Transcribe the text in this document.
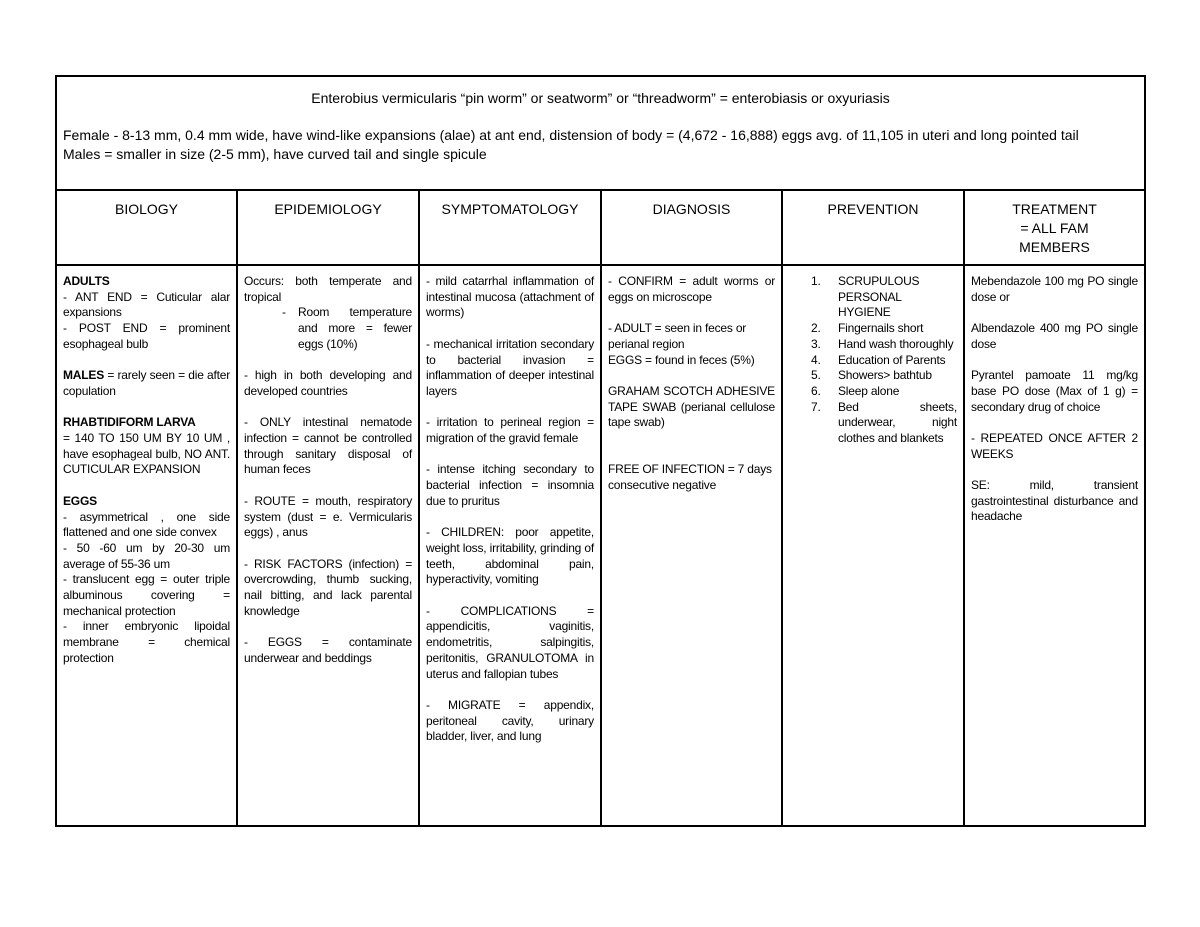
Enterobius vermicularis “pin worm” or seatworm” or “threadworm” = enterobiasis or oxyuriasis
Female - 8-13 mm, 0.4 mm wide, have wind-like expansions (alae) at ant end, distension of body = (4,672 - 16,888) eggs avg. of 11,105 in uteri and long pointed tail
Males = smaller in size (2-5 mm), have curved tail and single spicule
BIOLOGY

ADULTS
- ANT END = Cuticular alar expansions
- POST END = prominent esophageal bulb

MALES = rarely seen = die after copulation

RHABTIDIFORM LARVA
= 140 TO 150 UM BY 10 UM , have esophageal bulb, NO ANT. CUTICULAR EXPANSION

EGGS
- asymmetrical , one side flattened and one side convex
- 50 -60 um by 20-30 um average of 55-36 um
- translucent egg = outer triple albuminous covering = mechanical protection
- inner embryonic lipoidal membrane = chemical protection

EPIDEMIOLOGY
Occurs: both temperate and tropical
- Room temperature and more = fewer eggs (10%)

- high in both developing and developed countries

- ONLY intestinal nematode infection = cannot be controlled through sanitary disposal of human feces

- ROUTE = mouth, respiratory system (dust = e. Vermicularis eggs) , anus

- RISK FACTORS (infection) = overcrowding, thumb sucking, nail bitting, and lack parental knowledge

- EGGS = contaminate underwear and beddings

SYMPTOMATOLOGY

- mild catarrhal inflammation of intestinal mucosa (attachment of worms)

- mechanical irritation secondary to bacterial invasion = inflammation of deeper intestinal layers

- irritation to perineal region = migration of the gravid female

- intense itching secondary to bacterial infection = insomnia due to pruritus

- CHILDREN: poor appetite, weight loss, irritability, grinding of teeth, abdominal pain, hyperactivity, vomiting

- COMPLICATIONS = appendicitis, vaginitis, endometritis, salpingitis, peritonitis, GRANULOTOMA in uterus and fallopian tubes

- MIGRATE = appendix, peritoneal cavity, urinary bladder, liver, and lung

DIAGNOSIS

- CONFIRM = adult worms or eggs on microscope

- ADULT = seen in feces or perianal region

EGGS = found in feces (5%)

GRAHAM SCOTCH ADHESIVE TAPE SWAB (perianal cellulose tape swab)

FREE OF INFECTION = 7 days consecutive negative

PREVENTION
1. SCRUPULOUS PERSONAL HYGIENE
2. Fingernails short
3. Hand wash thoroughly
4. Education of Parents
5. Showers> bathtub
6. Sleep alone
7. Bed sheets, underwear, night clothes and blankets
TREATMENT
= ALL FAM
MEMBERS

Mebendazole 100 mg PO single dose or

Albendazole 400 mg PO single dose

Pyrantel pamoate 11 mg/kg base PO dose (Max of 1 g) = secondary drug of choice

- REPEATED ONCE AFTER 2 WEEKS

SE: mild, transient gastrointestinal disturbance and headache
